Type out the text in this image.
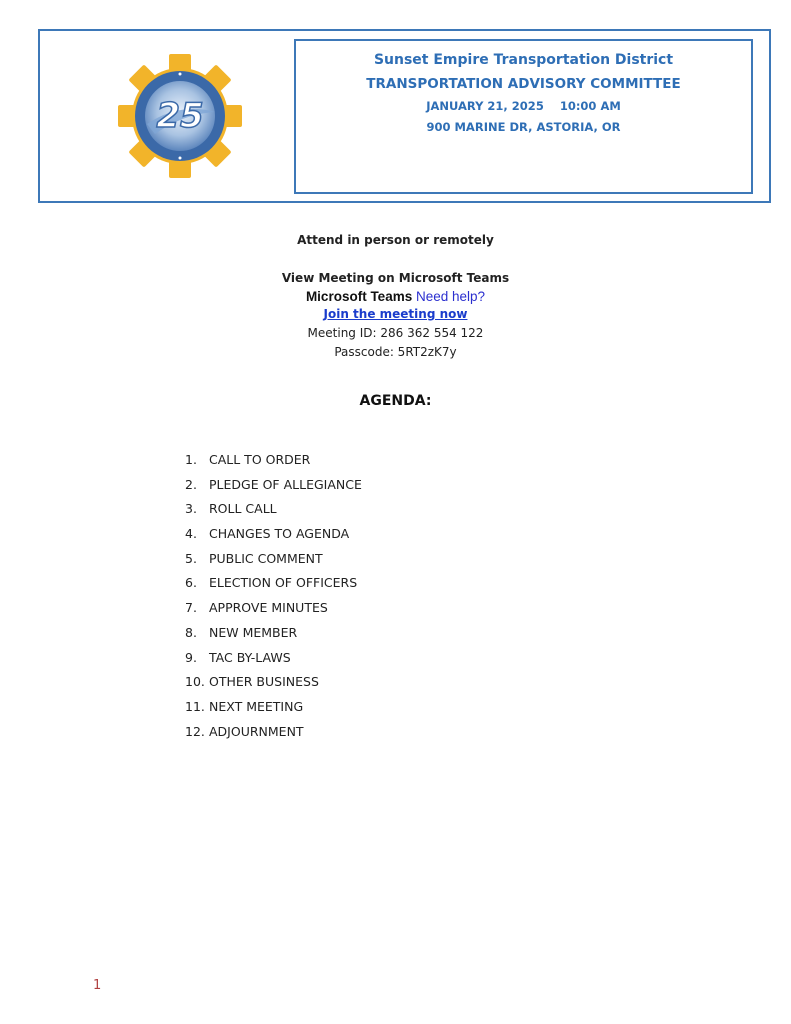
25
Sunset Empire Transportation District
TRANSPORTATION ADVISORY COMMITTEE
JANUARY 21, 2025    10:00 AM
900 MARINE DR, ASTORIA, OR
Attend in person or remotely
View Meeting on Microsoft Teams
Microsoft Teams Need help?
Join the meeting now
Meeting ID: 286 362 554 122
Passcode: 5RT2zK7y
AGENDA:
1. CALL TO ORDER
2. PLEDGE OF ALLEGIANCE
3. ROLL CALL
4. CHANGES TO AGENDA
5. PUBLIC COMMENT
6. ELECTION OF OFFICERS
7. APPROVE MINUTES
8. NEW MEMBER
9. TAC BY-LAWS
10. OTHER BUSINESS
11. NEXT MEETING
12. ADJOURNMENT
1
